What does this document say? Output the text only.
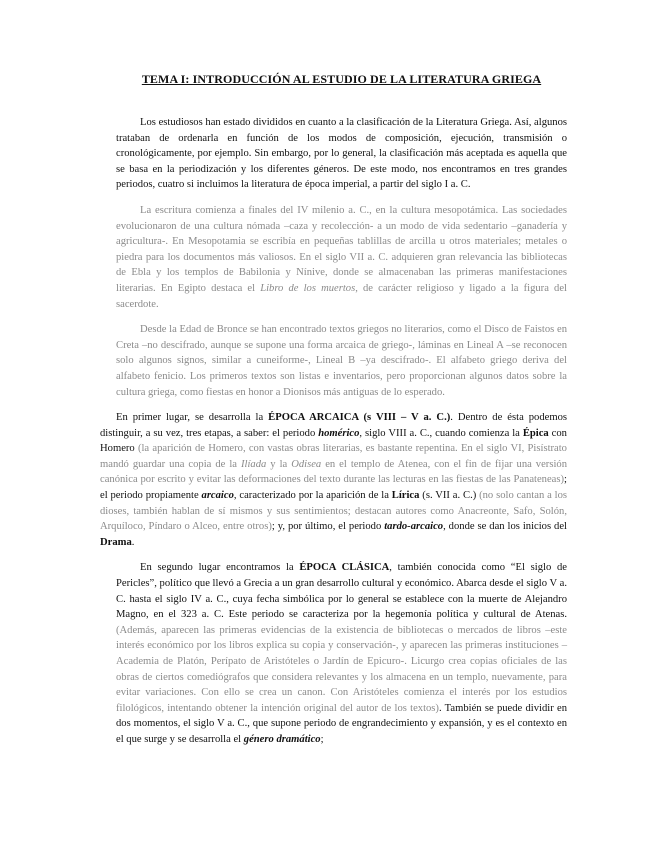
TEMA I: INTRODUCCIÓN AL ESTUDIO DE LA LITERATURA GRIEGA

Los estudiosos han estado divididos en cuanto a la clasificación de la Literatura Griega. Así, algunos trataban de ordenarla en función de los modos de composición, ejecución, transmisión o cronológicamente, por ejemplo. Sin embargo, por lo general, la clasificación más aceptada es aquella que se basa en la periodización y los diferentes géneros. De este modo, nos encontramos en tres grandes periodos, cuatro si incluimos la literatura de época imperial, a partir del siglo I a. C.

La escritura comienza a finales del IV milenio a. C., en la cultura mesopotámica. Las sociedades evolucionaron de una cultura nómada –caza y recolección- a un modo de vida sedentario –ganadería y agricultura-. En Mesopotamia se escribía en pequeñas tablillas de arcilla u otros materiales; metales o piedra para los documentos más valiosos. En el siglo VII a. C. adquieren gran relevancia las bibliotecas de Ebla y los templos de Babilonia y Nínive, donde se almacenaban las primeras manifestaciones literarias. En Egipto destaca el Libro de los muertos, de carácter religioso y ligado a la figura del sacerdote.

Desde la Edad de Bronce se han encontrado textos griegos no literarios, como el Disco de Faistos en Creta –no descifrado, aunque se supone una forma arcaica de griego-, láminas en Lineal A –se reconocen solo algunos signos, similar a cuneiforme-, Lineal B –ya descifrado-. El alfabeto griego deriva del alfabeto fenicio. Los primeros textos son listas e inventarios, pero proporcionan algunos datos sobre la cultura griega, como fiestas en honor a Dionisos más antiguas de lo esperado.

En primer lugar, se desarrolla la ÉPOCA ARCAICA (s VIII – V a. C.). Dentro de ésta podemos distinguir, a su vez, tres etapas, a saber: el periodo homérico, siglo VIII a. C., cuando comienza la Épica con Homero (la aparición de Homero, con vastas obras literarias, es bastante repentina. En el siglo VI, Pisístrato mandó guardar una copia de la Ilíada y la Odisea en el templo de Atenea, con el fin de fijar una versión canónica por escrito y evitar las deformaciones del texto durante las lecturas en las fiestas de las Panateneas); el periodo propiamente arcaico, caracterizado por la aparición de la Lírica (s. VII a. C.) (no solo cantan a los dioses, también hablan de sí mismos y sus sentimientos; destacan autores como Anacreonte, Safo, Solón, Arquíloco, Píndaro o Alceo, entre otros); y, por último, el periodo tardo-arcaico, donde se dan los inicios del Drama.

En segundo lugar encontramos la ÉPOCA CLÁSICA, también conocida como “El siglo de Pericles”, político que llevó a Grecia a un gran desarrollo cultural y económico. Abarca desde el siglo V a. C. hasta el siglo IV a. C., cuya fecha simbólica por lo general se establece con la muerte de Alejandro Magno, en el 323 a. C. Este periodo se caracteriza por la hegemonía política y cultural de Atenas. (Además, aparecen las primeras evidencias de la existencia de bibliotecas o mercados de libros –este interés económico por los libros explica su copia y conservación-, y aparecen las primeras instituciones –Academia de Platón, Perípato de Aristóteles o Jardín de Epicuro-. Licurgo crea copias oficiales de las obras de ciertos comediógrafos que considera relevantes y los almacena en un templo, nuevamente, para evitar variaciones. Con ello se crea un canon. Con Aristóteles comienza el interés por los estudios filológicos, intentando obtener la intención original del autor de los textos). También se puede dividir en dos momentos, el siglo V a. C., que supone periodo de engrandecimiento y expansión, y es el contexto en el que surge y se desarrolla el género dramático;
